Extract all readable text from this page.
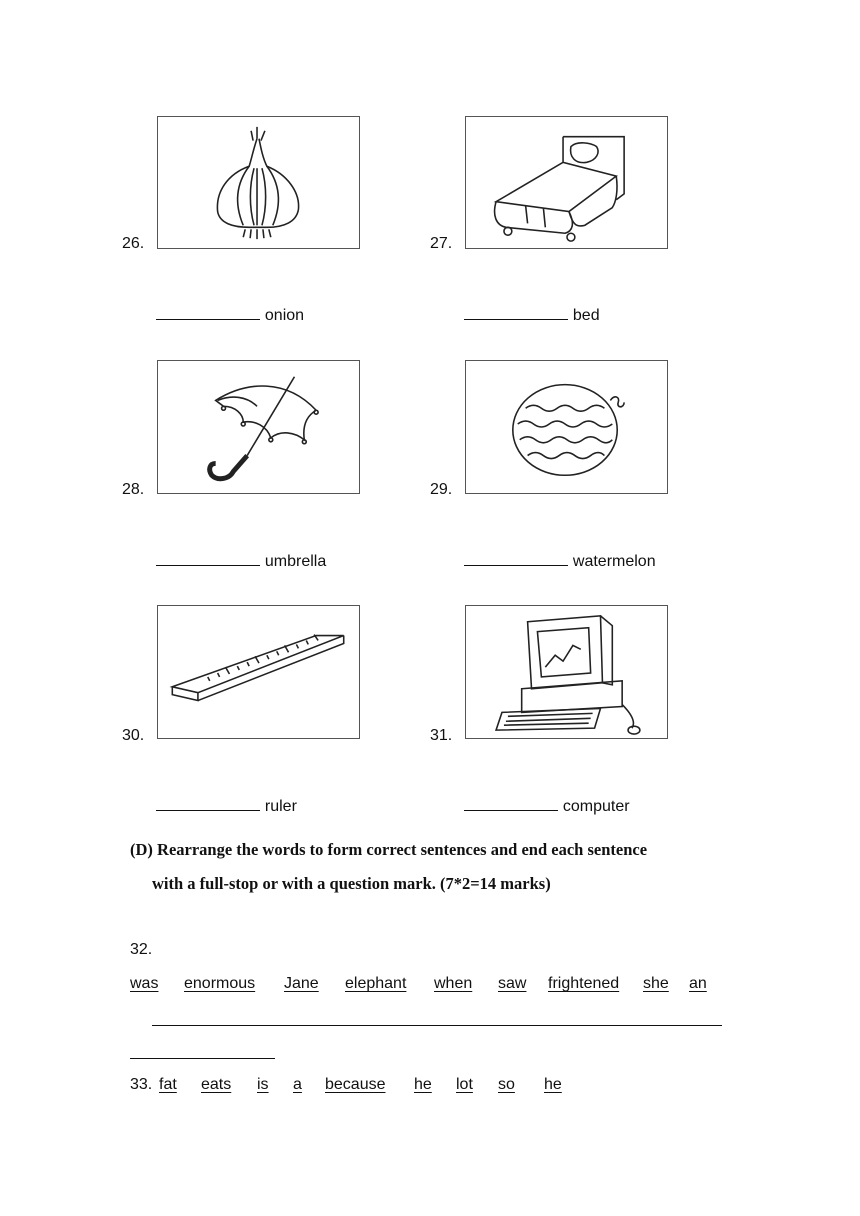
26.

onion

27.

bed

28.

umbrella

29.

watermelon

30.

ruler

31.

computer

(D) Rearrange the words to form correct sentences and end each sentence
with a full-stop or with a question mark. (7*2=14 marks)
32.
was enormous Jane elephant when saw frightened she an
33. fat eats is a because he lot so he
